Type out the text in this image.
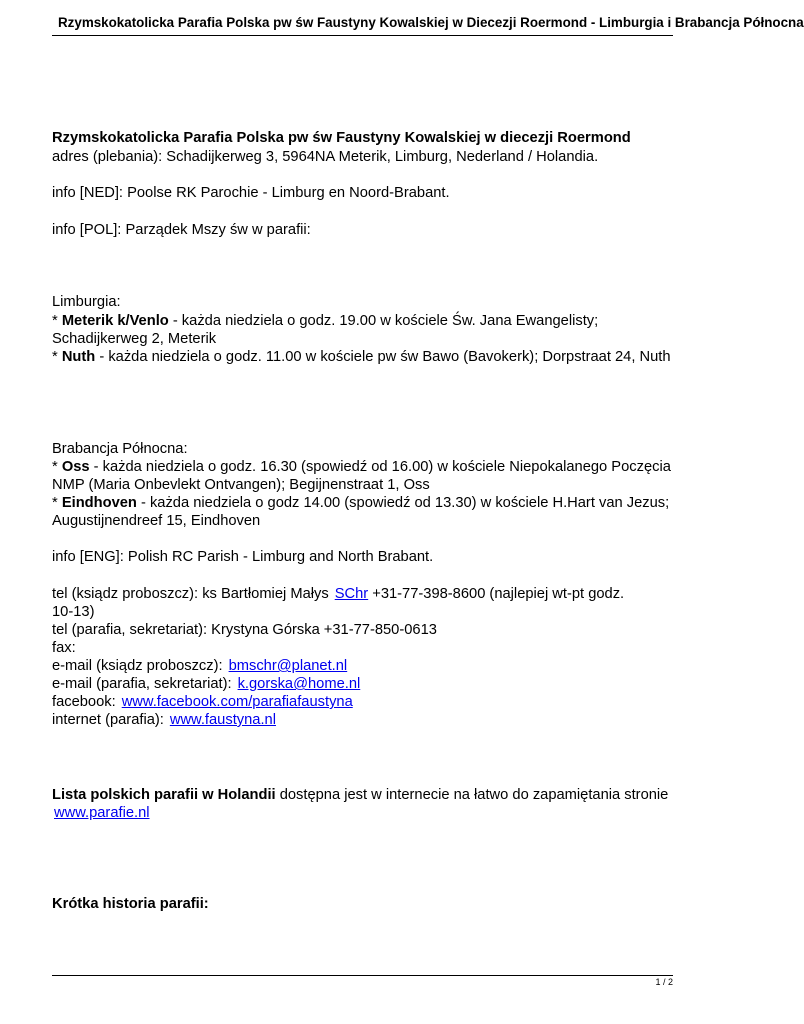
Rzymskokatolicka Parafia Polska pw św Faustyny Kowalskiej w Diecezji Roermond - Limburgia i Brabancja Północna
Rzymskokatolicka Parafia Polska pw św Faustyny Kowalskiej w diecezji Roermond
adres (plebania): Schadijkerweg 3, 5964NA Meterik, Limburg, Nederland / Holandia.
info [NED]: Poolse RK Parochie - Limburg en Noord-Brabant.
info [POL]: Parządek Mszy św w parafii:
Limburgia:
* Meterik k/Venlo - każda niedziela o godz. 19.00 w kościele Św. Jana Ewangelisty;
Schadijkerweg 2, Meterik
* Nuth - każda niedziela o godz. 11.00 w kościele pw św Bawo (Bavokerk); Dorpstraat 24, Nuth
Brabancja Północna:
* Oss - każda niedziela o godz. 16.30 (spowiedź od 16.00) w kościele Niepokalanego Poczęcia
NMP (Maria Onbevlekt Ontvangen); Begijnenstraat 1, Oss
* Eindhoven - każda niedziela o godz 14.00 (spowiedź od 13.30) w kościele H.Hart van Jezus;
Augustijnendreef 15, Eindhoven
info [ENG]: Polish RC Parish - Limburg and North Brabant.
tel (ksiądz proboszcz): ks Bartłomiej Małys SChr +31-77-398-8600 (najlepiej wt-pt godz.
10-13)
tel (parafia, sekretariat): Krystyna Górska +31-77-850-0613
fax:
e-mail (ksiądz proboszcz): bmschr@planet.nl
e-mail (parafia, sekretariat): k.gorska@home.nl
facebook: www.facebook.com/parafiafaustyna
internet (parafia): www.faustyna.nl
Lista polskich parafii w Holandii dostępna jest w internecie na łatwo do zapamiętania stronie
www.parafie.nl
Krótka historia parafii:
1 / 2
